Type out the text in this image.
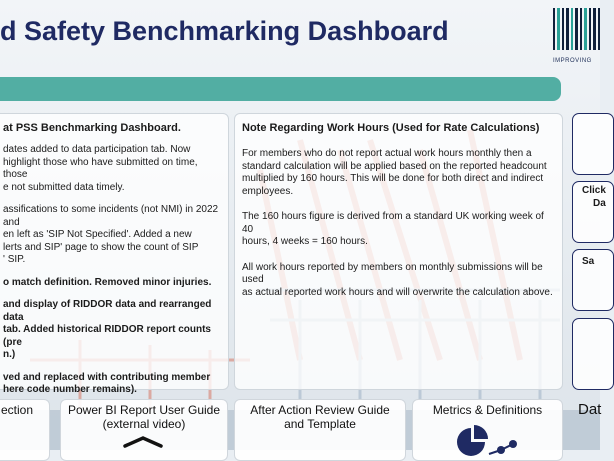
d Safety Benchmarking Dashboard
IMPROVING
at PSS Benchmarking Dashboard.
dates added to data participation tab. Now
highlight those who have submitted on time, those
e not submitted data timely.
assifications to some incidents (not NMI) in 2022 and
en left as 'SIP Not Specified'. Added a new
lerts and SIP' page to show the count of SIP
' SIP.
o match definition. Removed minor injuries.
and display of RIDDOR data and rearranged data
tab. Added historical RIDDOR report counts (pre
n.)
ved and replaced with contributing member
here code number remains).
Note Regarding Work Hours (Used for Rate Calculations)
For members who do not report actual work hours monthly then a
standard calculation will be applied based on the reported headcount
multiplied by 160 hours. This will be done for both direct and indirect
employees.
The 160 hours figure is derived from a standard UK working week of 40
hours, 4 weeks = 160 hours.
All work hours reported by members on monthly submissions will be used
as actual reported work hours and will overwrite the calculation above.
Click
Da
Sa
ection	Power BI Report User Guide
(external video)
After Action Review Guide
and Template
Metrics & Definitions	Dat
